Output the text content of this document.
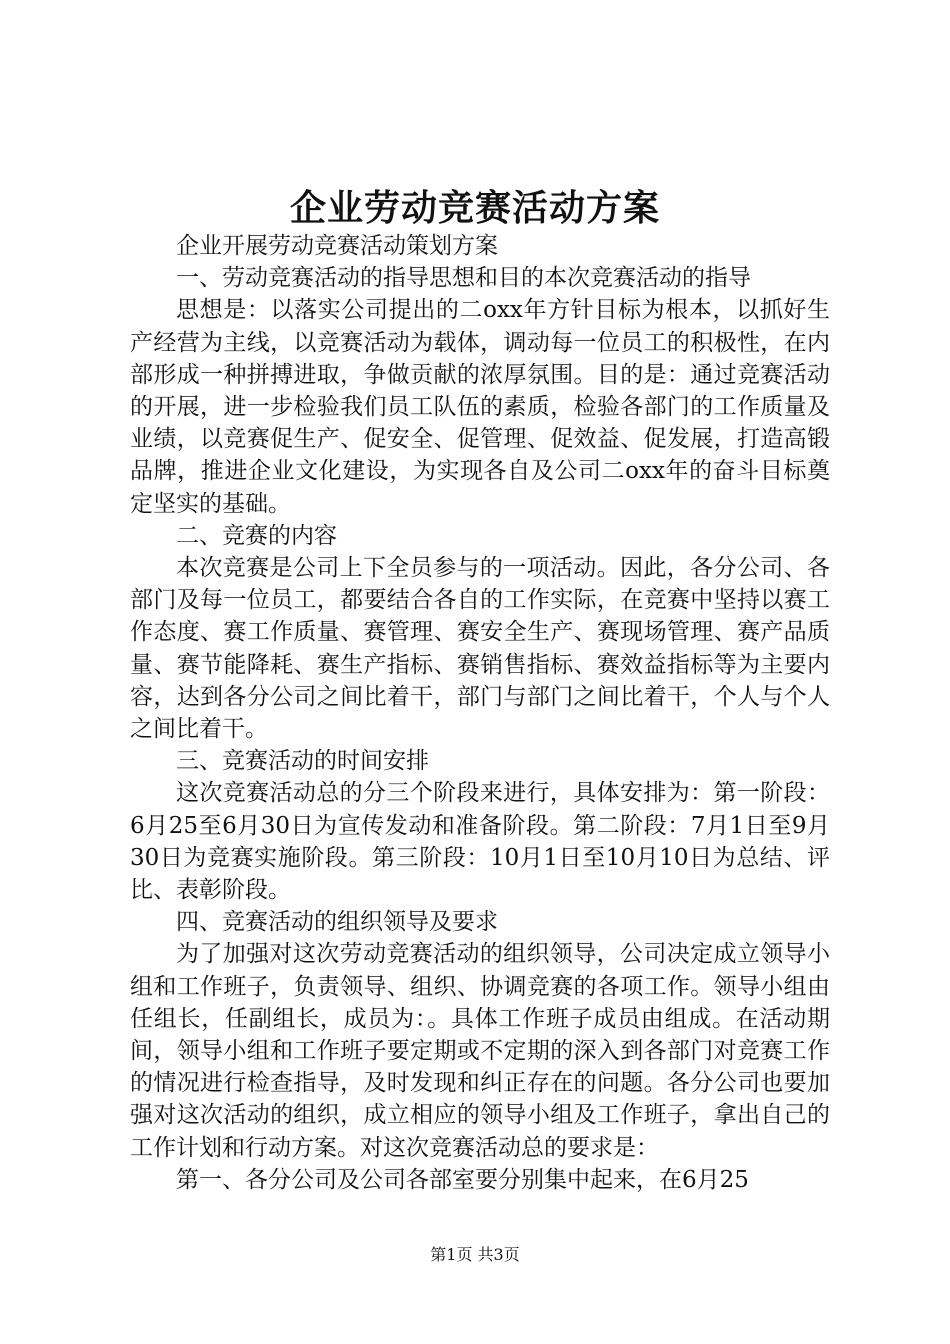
企业劳动竞赛活动方案

企业开展劳动竞赛活动策划方案

一、劳动竞赛活动的指导思想和目的本次竞赛活动的指导

思想是：以落实公司提出的二oxx年方针目标为根本，以抓好生产经营为主线，以竞赛活动为载体，调动每一位员工的积极性，在内部形成一种拼搏进取，争做贡献的浓厚氛围。目的是：通过竞赛活动的开展，进一步检验我们员工队伍的素质，检验各部门的工作质量及业绩，以竞赛促生产、促安全、促管理、促效益、促发展，打造高锻品牌，推进企业文化建设，为实现各自及公司二oxx年的奋斗目标奠定坚实的基础。

二、竞赛的内容

本次竞赛是公司上下全员参与的一项活动。因此，各分公司、各部门及每一位员工，都要结合各自的工作实际，在竞赛中坚持以赛工作态度、赛工作质量、赛管理、赛安全生产、赛现场管理、赛产品质量、赛节能降耗、赛生产指标、赛销售指标、赛效益指标等为主要内容，达到各分公司之间比着干，部门与部门之间比着干，个人与个人之间比着干。

三、竞赛活动的时间安排

这次竞赛活动总的分三个阶段来进行，具体安排为：第一阶段：6月25至6月30日为宣传发动和准备阶段。第二阶段：7月1日至9月30日为竞赛实施阶段。第三阶段：10月1日至10月10日为总结、评比、表彰阶段。

四、竞赛活动的组织领导及要求

为了加强对这次劳动竞赛活动的组织领导，公司决定成立领导小组和工作班子，负责领导、组织、协调竞赛的各项工作。领导小组由任组长，任副组长，成员为：。具体工作班子成员由组成。在活动期间，领导小组和工作班子要定期或不定期的深入到各部门对竞赛工作的情况进行检查指导，及时发现和纠正存在的问题。各分公司也要加强对这次活动的组织，成立相应的领导小组及工作班子，拿出自己的工作计划和行动方案。对这次竞赛活动总的要求是：

第一、各分公司及公司各部室要分别集中起来，在6月25

第1页 共3页
